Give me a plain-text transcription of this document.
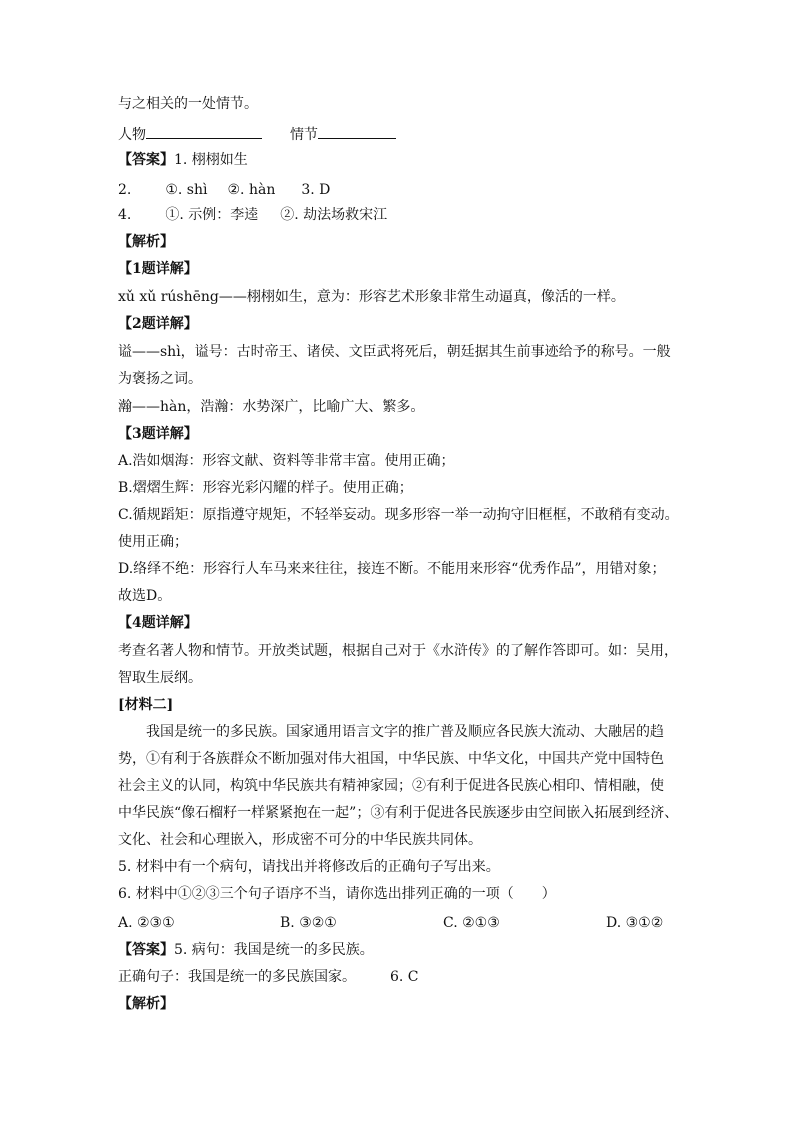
与之相关的一处情节。
人物	情节
【答案】1. 栩栩如生
2. ①. shì ②. hàn 3. D
4. ①. 示例：李逵 ②. 劫法场救宋江
【解析】
【1题详解】
xǔ xǔ rúshēng——栩栩如生，意为：形容艺术形象非常生动逼真，像活的一样。
【2题详解】
谥——shì，谥号：古时帝王、诸侯、文臣武将死后，朝廷据其生前事迹给予的称号。一般
为褒扬之词。
瀚——hàn，浩瀚：水势深广，比喻广大、繁多。
【3题详解】
A.浩如烟海：形容文献、资料等非常丰富。使用正确；
B.熠熠生辉：形容光彩闪耀的样子。使用正确；
C.循规蹈矩：原指遵守规矩，不轻举妄动。现多形容一举一动拘守旧框框，不敢稍有变动。
使用正确；
D.络绎不绝：形容行人车马来来往往，接连不断。不能用来形容“优秀作品”，用错对象；
故选D。
【4题详解】
考查名著人物和情节。开放类试题，根据自己对于《水浒传》的了解作答即可。如：吴用，
智取生辰纲。
[材料二]
我国是统一的多民族。国家通用语言文字的推广普及顺应各民族大流动、大融居的趋
势，①有利于各族群众不断加强对伟大祖国，中华民族、中华文化，中国共产党中国特色
社会主义的认同，构筑中华民族共有精神家园；②有利于促进各民族心相印、情相融，使
中华民族“像石榴籽一样紧紧抱在一起”；③有利于促进各民族逐步由空间嵌入拓展到经济、
文化、社会和心理嵌入，形成密不可分的中华民族共同体。
5. 材料中有一个病句，请找出并将修改后的正确句子写出来。
6. 材料中①②③三个句子语序不当，请你选出排列正确的一项（　　）
A. ②③①	B. ③②①	C. ②①③	D. ③①②
【答案】5. 病句：我国是统一的多民族。
正确句子：我国是统一的多民族国家。 6. C
【解析】
